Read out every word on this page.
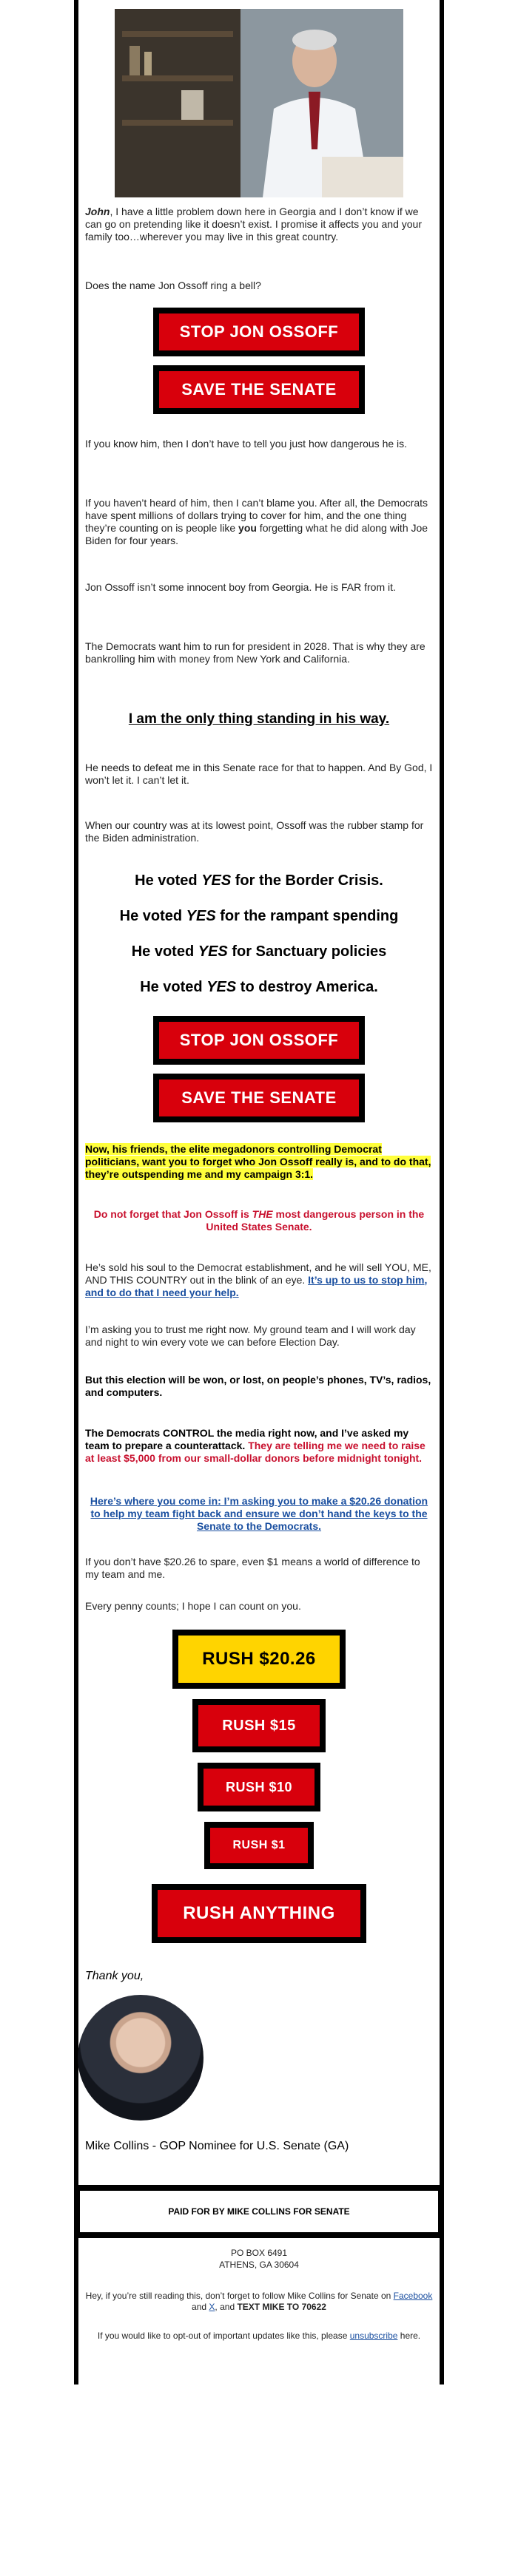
John, I have a little problem down here in Georgia and I don’t know if we can go on pretending like it doesn’t exist. I promise it affects you and your family too…wherever you may live in this great country.

Does the name Jon Ossoff ring a bell?

STOP JON OSSOFF
SAVE THE SENATE

If you know him, then I don’t have to tell you just how dangerous he is.

If you haven’t heard of him, then I can’t blame you. After all, the Democrats have spent millions of dollars trying to cover for him, and the one thing they’re counting on is people like you forgetting what he did along with Joe Biden for four years.

Jon Ossoff isn’t some innocent boy from Georgia. He is FAR from it.

The Democrats want him to run for president in 2028. That is why they are bankrolling him with money from New York and California.

I am the only thing standing in his way.

He needs to defeat me in this Senate race for that to happen. And By God, I won’t let it. I can’t let it.

When our country was at its lowest point, Ossoff was the rubber stamp for the Biden administration.

He voted YES for the Border Crisis.

He voted YES for the rampant spending

He voted YES for Sanctuary policies

He voted YES to destroy America.

STOP JON OSSOFF
SAVE THE SENATE

Now, his friends, the elite megadonors controlling Democrat politicians, want you to forget who Jon Ossoff really is, and to do that, they’re outspending me and my campaign 3:1.

Do not forget that Jon Ossoff is THE most dangerous person in the United States Senate.

He’s sold his soul to the Democrat establishment, and he will sell YOU, ME, AND THIS COUNTRY out in the blink of an eye. It’s up to us to stop him, and to do that I need your help.

I’m asking you to trust me right now. My ground team and I will work day and night to win every vote we can before Election Day.

But this election will be won, or lost, on people’s phones, TV’s, radios, and computers.

The Democrats CONTROL the media right now, and I’ve asked my team to prepare a counterattack. They are telling me we need to raise at least $5,000 from our small-dollar donors before midnight tonight.

Here’s where you come in: I’m asking you to make a $20.26 donation to help my team fight back and ensure we don’t hand the keys to the Senate to the Democrats.

If you don’t have $20.26 to spare, even $1 means a world of difference to my team and me.

Every penny counts; I hope I can count on you.

RUSH $20.26
RUSH $15
RUSH $10
RUSH $1
RUSH ANYTHING

Thank you,

Mike Collins - GOP Nominee for U.S. Senate (GA)

PAID FOR BY MIKE COLLINS FOR SENATE

PO BOX 6491

ATHENS, GA 30604

Hey, if you’re still reading this, don’t forget to follow Mike Collins for Senate on Facebook and X, and TEXT MIKE TO 70622

If you would like to opt-out of important updates like this, please unsubscribe here.
